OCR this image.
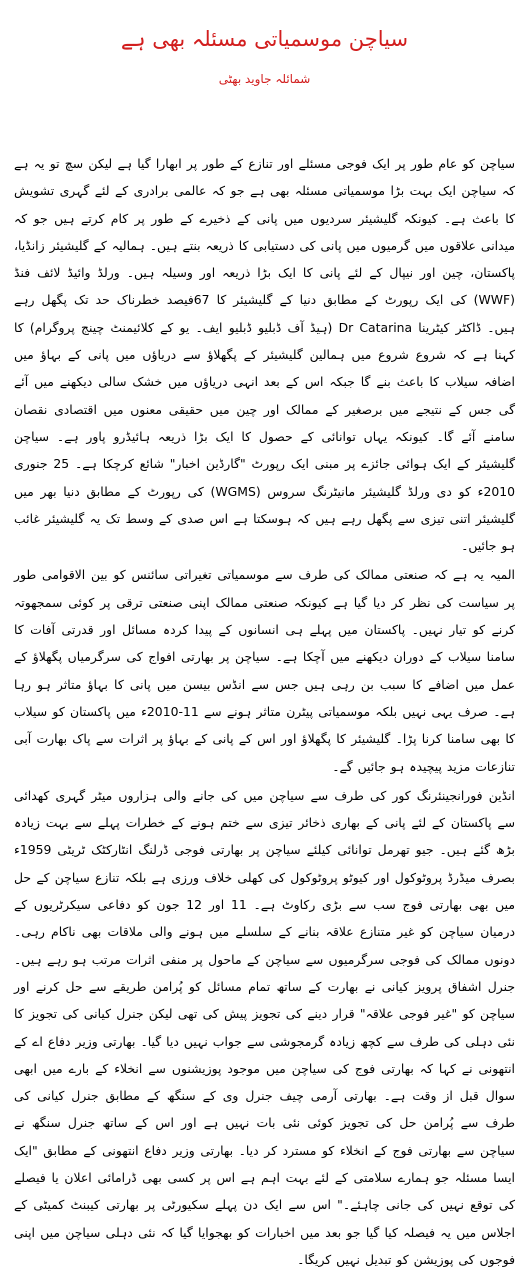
سیاچن موسمیاتی مسئلہ بھی ہے
شمائلہ جاوید بھٹی

سیاچن کو عام طور پر ایک فوجی مسئلے اور تنازع کے طور پر ابھارا گیا ہے لیکن سچ تو یہ ہے کہ سیاچن ایک بہت بڑا موسمیاتی مسئلہ بھی ہے جو کہ عالمی برادری کے لئے گہری تشویش کا باعث ہے۔ کیونکہ گلیشیئر سردیوں میں پانی کے ذخیرے کے طور پر کام کرتے ہیں جو کہ میدانی علاقوں میں گرمیوں میں پانی کی دستیابی کا ذریعہ بنتے ہیں۔ ہمالیہ کے گلیشیئر زانڈیا، پاکستان، چین اور نیپال کے لئے پانی کا ایک بڑا ذریعہ اور وسیلہ ہیں۔ ورلڈ وائیڈ لائف فنڈ (WWF) کی ایک رپورٹ کے مطابق دنیا کے گلیشیئر کا 67فیصد خطرناک حد تک پگھل رہے ہیں۔ ڈاکٹر کیٹرینا Dr Catarina (ہیڈ آف ڈبلیو ڈبلیو ایف۔ یو کے کلائیمنٹ چینج پروگرام) کا کہنا ہے کہ شروع شروع میں ہمالین گلیشیئر کے پگھلاؤ سے دریاؤں میں پانی کے بہاؤ میں اضافہ سیلاب کا باعث بنے گا جبکہ اس کے بعد انہی دریاؤں میں خشک سالی دیکھنے میں آئے گی جس کے نتیجے میں برصغیر کے ممالک اور چین میں حقیقی معنوں میں اقتصادی نقصان سامنے آئے گا۔ کیونکہ یہاں توانائی کے حصول کا ایک بڑا ذریعہ ہائیڈرو پاور ہے۔ سیاچن گلیشیئر کے ایک ہوائی جائزے پر مبنی ایک رپورٹ "گارڈین اخبار" شائع کرچکا ہے۔ 25 جنوری 2010ء کو دی ورلڈ گلیشیئر مانیٹرنگ سروس (WGMS) کی رپورٹ کے مطابق دنیا بھر میں گلیشیئر اتنی تیزی سے پگھل رہے ہیں کہ ہوسکتا ہے اس صدی کے وسط تک یہ گلیشیئر غائب ہو جائیں۔

المیہ یہ ہے کہ صنعتی ممالک کی طرف سے موسمیاتی تغیراتی سائنس کو بین الاقوامی طور پر سیاست کی نظر کر دیا گیا ہے کیونکہ صنعتی ممالک اپنی صنعتی ترقی پر کوئی سمجھوتہ کرنے کو تیار نہیں۔ پاکستان میں پہلے ہی انسانوں کے پیدا کردہ مسائل اور قدرتی آفات کا سامنا سیلاب کے دوران دیکھنے میں آچکا ہے۔ سیاچن پر بھارتی افواج کی سرگرمیاں پگھلاؤ کے عمل میں اضافے کا سبب بن رہی ہیں جس سے انڈس بیسن میں پانی کا بہاؤ متاثر ہو رہا ہے۔ صرف یہی نہیں بلکہ موسمیاتی پیٹرن متاثر ہونے سے 11-2010ء میں پاکستان کو سیلاب کا بھی سامنا کرنا پڑا۔ گلیشیئر کا پگھلاؤ اور اس کے پانی کے بہاؤ پر اثرات سے پاک بھارت آبی تنازعات مزید پیچیدہ ہو جائیں گے۔

انڈین فورانجینئرنگ کور کی طرف سے سیاچن میں کی جانے والی ہزاروں میٹر گہری کھدائی سے پاکستان کے لئے پانی کے بھاری ذخائر تیزی سے ختم ہونے کے خطرات پہلے سے بہت زیادہ بڑھ گئے ہیں۔ جیو تھرمل توانائی کیلئے سیاچن پر بھارتی فوجی ڈرلنگ انٹارکٹک ٹریٹی 1959ء بصرف میڈرڈ پروٹوکول اور کیوٹو پروٹوکول کی کھلی خلاف ورزی ہے بلکہ تنازع سیاچن کے حل میں بھی بھارتی فوج سب سے بڑی رکاوٹ ہے۔ 11 اور 12 جون کو دفاعی سیکرٹریوں کے درمیان سیاچن کو غیر متنازع علاقہ بنانے کے سلسلے میں ہونے والی ملاقات بھی ناکام رہی۔ دونوں ممالک کی فوجی سرگرمیوں سے سیاچن کے ماحول پر منفی اثرات مرتب ہو رہے ہیں۔ جنرل اشفاق پرویز کیانی نے بھارت کے ساتھ تمام مسائل کو پُرامن طریقے سے حل کرنے اور سیاچن کو "غیر فوجی علاقہ" قرار دینے کی تجویز پیش کی تھی لیکن جنرل کیانی کی تجویز کا نئی دہلی کی طرف سے کچھ زیادہ گرمجوشی سے جواب نہیں دیا گیا۔ بھارتی وزیر دفاع اے کے انتھونی نے کہا کہ بھارتی فوج کی سیاچن میں موجود پوزیشنوں سے انخلاء کے بارے میں ابھی سوال قبل از وقت ہے۔ بھارتی آرمی چیف جنرل وی کے سنگھ کے مطابق جنرل کیانی کی طرف سے پُرامن حل کی تجویز کوئی نئی بات نہیں ہے اور اس کے ساتھ جنرل سنگھ نے سیاچن سے بھارتی فوج کے انخلاء کو مسترد کر دیا۔ بھارتی وزیر دفاع انتھونی کے مطابق "ایک ایسا مسئلہ جو ہمارے سلامتی کے لئے بہت اہم ہے اس پر کسی بھی ڈرامائی اعلان یا فیصلے کی توقع نہیں کی جانی چاہئے۔" اس سے ایک دن پہلے سکیورٹی پر بھارتی کیبنٹ کمیٹی کے اجلاس میں یہ فیصلہ کیا گیا جو بعد میں اخبارات کو بھجوایا گیا کہ نئی دہلی سیاچن میں اپنی فوجوں کی پوزیشن کو تبدیل نہیں کریگا۔
